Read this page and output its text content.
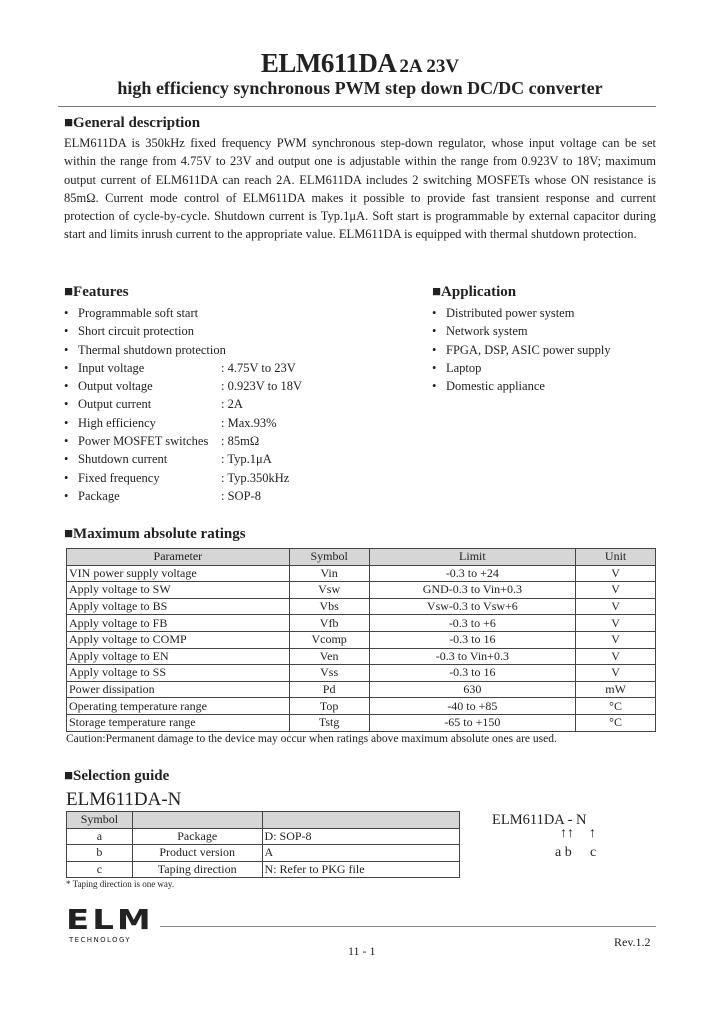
ELM611DA 2A 23V
high efficiency synchronous PWM step down DC/DC converter
■General description
ELM611DA is 350kHz fixed frequency PWM synchronous step-down regulator, whose input voltage can be set within the range from 4.75V to 23V and output one is adjustable within the range from 0.923V to 18V; maximum output current of ELM611DA can reach 2A. ELM611DA includes 2 switching MOSFETs whose ON resistance is 85mΩ. Current mode control of ELM611DA makes it possible to provide fast transient response and current protection of cycle-by-cycle. Shutdown current is Typ.1μA. Soft start is programmable by external capacitor during start and limits inrush current to the appropriate value. ELM611DA is equipped with thermal shutdown protection.
■Features
• Programmable soft start
• Short circuit protection
• Thermal shutdown protection
• Input voltage	: 4.75V to 23V
• Output voltage	: 0.923V to 18V
• Output current	: 2A
• High efficiency	: Max.93%
• Power MOSFET switches : 85mΩ
• Shutdown current	: Typ.1μA
• Fixed frequency	: Typ.350kHz
• Package	: SOP-8
■Application
• Distributed power system
• Network system
• FPGA, DSP, ASIC power supply
• Laptop
• Domestic appliance
■Maximum absolute ratings
Parameter	Symbol	Limit	Unit
VIN power supply voltage	Vin	-0.3 to +24	V
Apply voltage to SW	Vsw	GND-0.3 to Vin+0.3	V
Apply voltage to BS	Vbs	Vsw-0.3 to Vsw+6	V
Apply voltage to FB	Vfb	-0.3 to +6	V
Apply voltage to COMP	Vcomp	-0.3 to 16	V
Apply voltage to EN	Ven	-0.3 to Vin+0.3	V
Apply voltage to SS	Vss	-0.3 to 16	V
Power dissipation	Pd	630	mW
Operating temperature range	Top	-40 to +85	°C
Storage temperature range	Tstg	-65 to +150	°C
Caution:Permanent damage to the device may occur when ratings above maximum absolute ones are used.
■Selection guide
ELM611DA-N
Symbol		
a	Package	D: SOP-8
b	Product version	A
c	Taping direction	N: Refer to PKG file
* Taping direction is one way.
ELM611DA - N
↑↑ ↑
a b c
ELM
TECHNOLOGY
11 - 1
Rev.1.2
